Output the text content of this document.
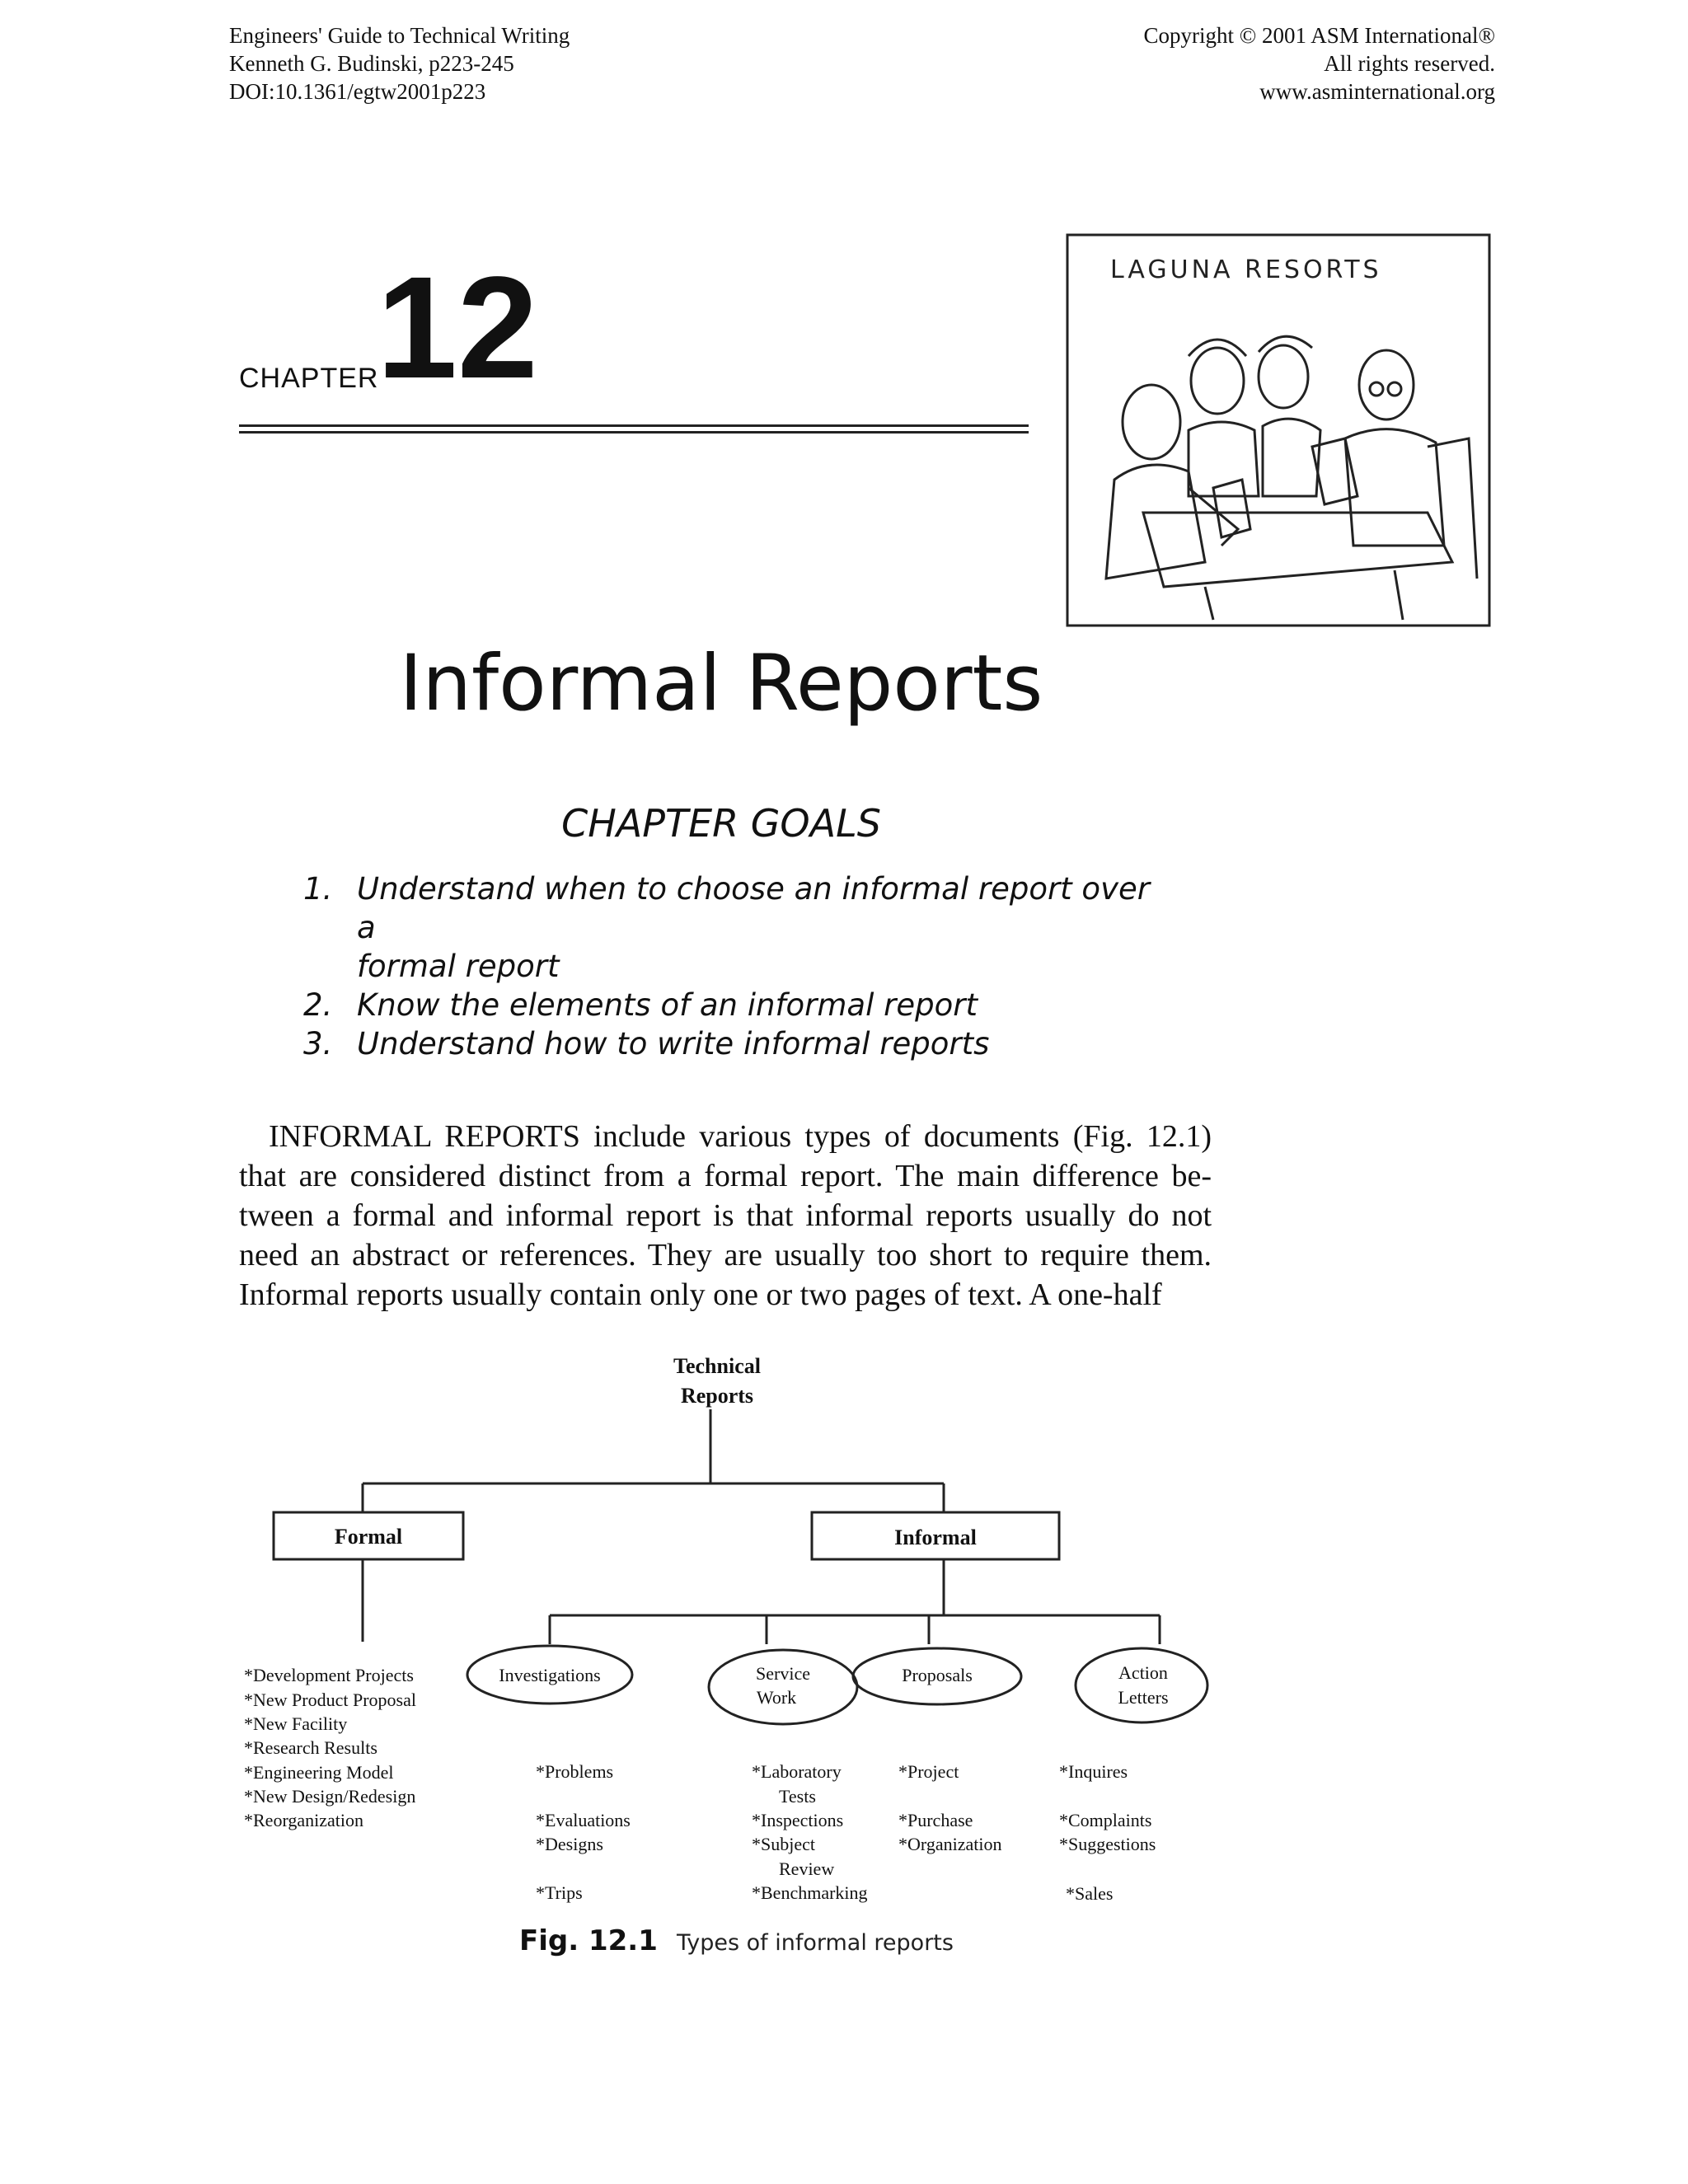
Engineers' Guide to Technical Writing
Kenneth G. Budinski, p223-245
DOI:10.1361/egtw2001p223
Copyright © 2001 ASM International®
All rights reserved.
www.asminternational.org
CHAPTER
12	LAGUNA RESORTS
Informal Reports
CHAPTER GOALS
1. Understand when to choose an informal report over a
formal report
2. Know the elements of an informal report
3. Understand how to write informal reports
INFORMAL REPORTS include various types of documents (Fig. 12.1)
that are considered distinct from a formal report. The main difference be-
tween a formal and informal report is that informal reports usually do not
need an abstract or references. They are usually too short to require them.
Informal reports usually contain only one or two pages of text. A one-half
Technical
Reports
Formal	Informal
*Development Projects
*New Product Proposal
*New Facility
*Research Results
*Engineering Model
*New Design/Redesign
*Reorganization
Investigations	Service
Work
Proposals	Action
Letters
*Problems
*Evaluations
*Designs
*Trips
*Laboratory
Tests
*Inspections
*Subject
Review
*Benchmarking
*Project
*Purchase
*Organization
*Inquires
*Complaints
*Suggestions
*Sales
Fig. 12.1 Types of informal reports
